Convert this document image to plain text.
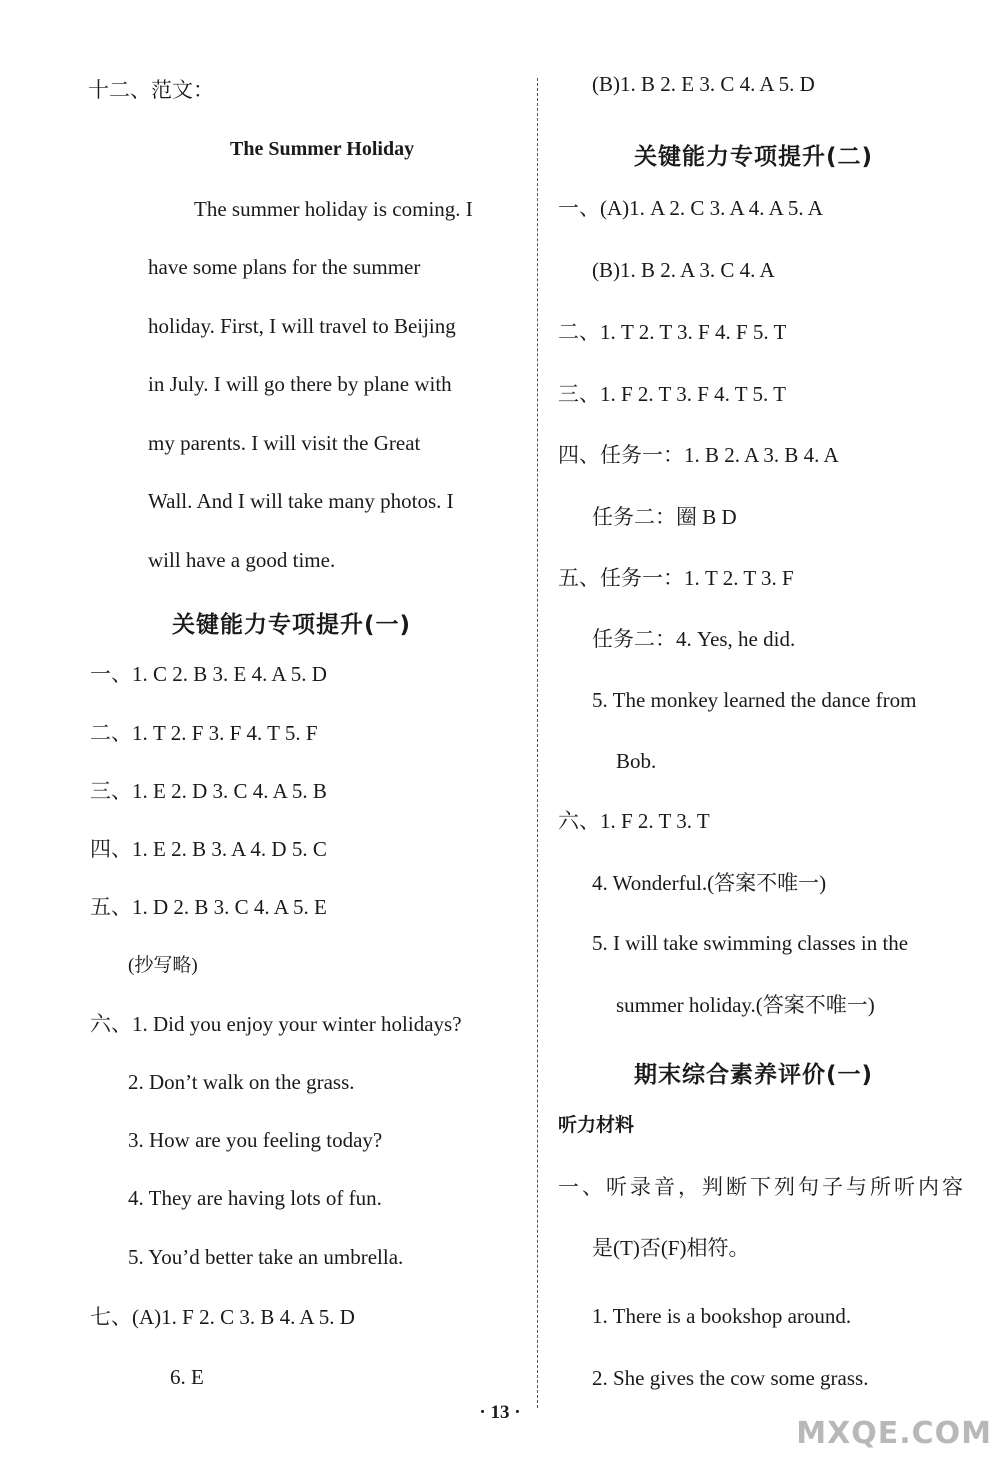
十二、范文：
The Summer Holiday
The summer holiday is coming. I
have some plans for the summer
holiday. First, I will travel to Beijing
in July. I will go there by plane with
my parents. I will visit the Great
Wall. And I will take many photos. I
will have a good time.
关键能力专项提升(一)
一、1. C 2. B 3. E 4. A 5. D
二、1. T 2. F 3. F 4. T 5. F
三、1. E 2. D 3. C 4. A 5. B
四、1. E 2. B 3. A 4. D 5. C
五、1. D 2. B 3. C 4. A 5. E
(抄写略)
六、1. Did you enjoy your winter holidays?
2. Don’t walk on the grass.
3. How are you feeling today?
4. They are having lots of fun.
5. You’d better take an umbrella.
七、(A)1. F 2. C 3. B 4. A 5. D
6. E
(B)1. B 2. E 3. C 4. A 5. D
关键能力专项提升(二)
一、(A)1. A 2. C 3. A 4. A 5. A
(B)1. B 2. A 3. C 4. A
二、1. T 2. T 3. F 4. F 5. T
三、1. F 2. T 3. F 4. T 5. T
四、任务一：1. B 2. A 3. B 4. A
任务二：圈 B D
五、任务一：1. T 2. T 3. F
任务二：4. Yes, he did.
5. The monkey learned the dance from
Bob.
六、1. F 2. T 3. T
4. Wonderful.(答案不唯一)
5. I will take swimming classes in the
summer holiday.(答案不唯一)
期末综合素养评价(一)
听力材料
一、听录音，判断下列句子与所听内容
是(T)否(F)相符。
1. There is a bookshop around.
2. She gives the cow some grass.
· 13 ·
MXQE.COM
